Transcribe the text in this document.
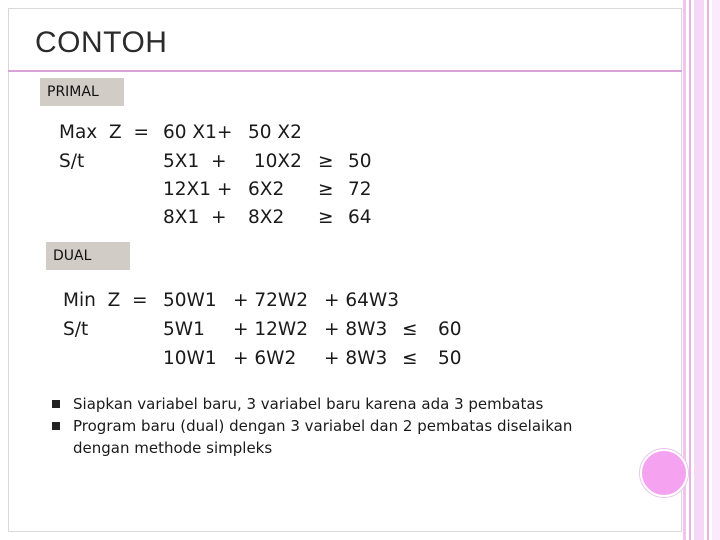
CONTOH
PRIMAL
Max  Z  = 60 X1+ 50 X2
S/t	5X1  + 10X2 ≥ 50
12X1 + 6X2 ≥ 72
8X1  + 8X2 ≥ 64
DUAL
Min  Z  = 50W1 + 72W2 + 64W3
S/t	5W1 + 12W2 + 8W3 ≤ 60
10W1 + 6W2 + 8W3 ≤ 50
Siapkan variabel baru, 3 variabel baru karena ada 3 pembatas
Program baru (dual) dengan 3 variabel dan 2 pembatas diselaikan dengan methode simpleks
